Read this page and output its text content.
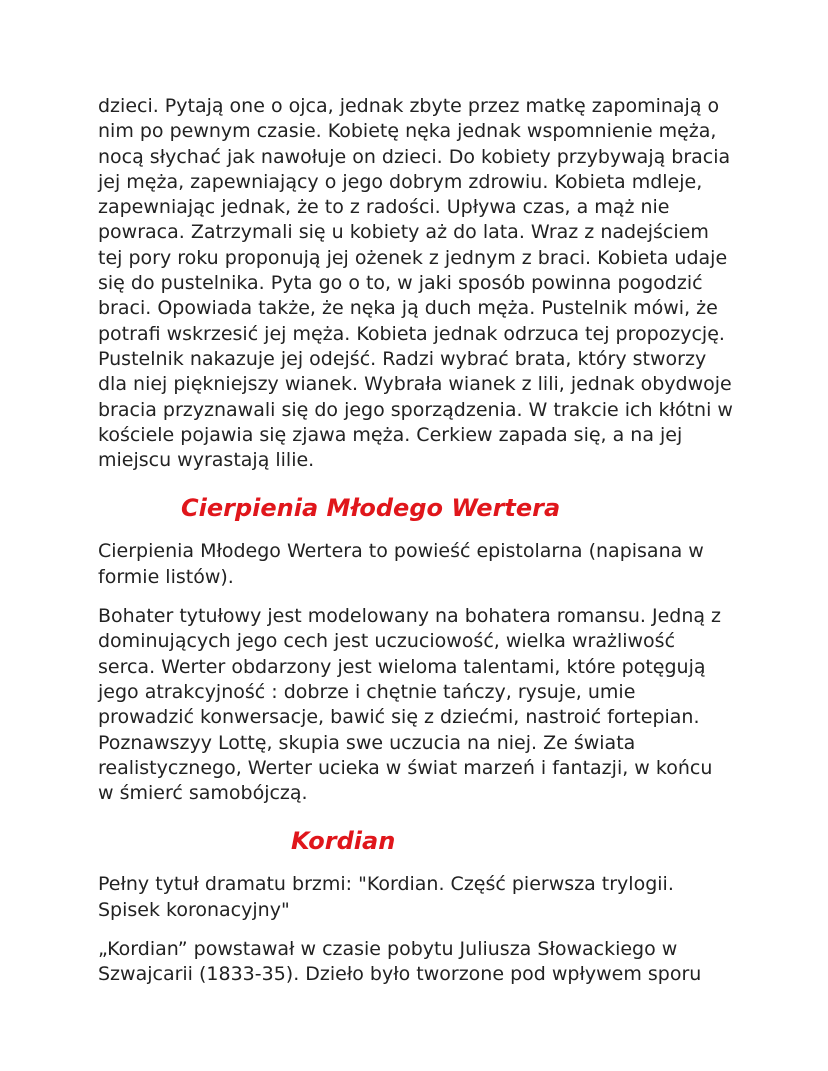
dzieci. Pytają one o ojca, jednak zbyte przez matkę zapominają o
nim po pewnym czasie. Kobietę nęka jednak wspomnienie męża,
nocą słychać jak nawołuje on dzieci. Do kobiety przybywają bracia
jej męża, zapewniający o jego dobrym zdrowiu. Kobieta mdleje,
zapewniając jednak, że to z radości. Upływa czas, a mąż nie
powraca. Zatrzymali się u kobiety aż do lata. Wraz z nadejściem
tej pory roku proponują jej ożenek z jednym z braci. Kobieta udaje
się do pustelnika. Pyta go o to, w jaki sposób powinna pogodzić
braci. Opowiada także, że nęka ją duch męża. Pustelnik mówi, że
potrafi wskrzesić jej męża. Kobieta jednak odrzuca tej propozycję.
Pustelnik nakazuje jej odejść. Radzi wybrać brata, który stworzy
dla niej piękniejszy wianek. Wybrała wianek z lili, jednak obydwoje
bracia przyznawali się do jego sporządzenia. W trakcie ich kłótni w
kościele pojawia się zjawa męża. Cerkiew zapada się, a na jej
miejscu wyrastają lilie.

Cierpienia Młodego Wertera

Cierpienia Młodego Wertera to powieść epistolarna (napisana w
formie listów).

Bohater tytułowy jest modelowany na bohatera romansu. Jedną z
dominujących jego cech jest uczuciowość, wielka wrażliwość
serca. Werter obdarzony jest wieloma talentami, które potęgują
jego atrakcyjność : dobrze i chętnie tańczy, rysuje, umie
prowadzić konwersacje, bawić się z dziećmi, nastroić fortepian.
Poznawszyy Lottę, skupia swe uczucia na niej. Ze świata
realistycznego, Werter ucieka w świat marzeń i fantazji, w końcu
w śmierć samobójczą.

Kordian

Pełny tytuł dramatu brzmi: "Kordian. Część pierwsza trylogii.
Spisek koronacyjny"

„Kordian” powstawał w czasie pobytu Juliusza Słowackiego w
Szwajcarii (1833-35). Dzieło było tworzone pod wpływem sporu
